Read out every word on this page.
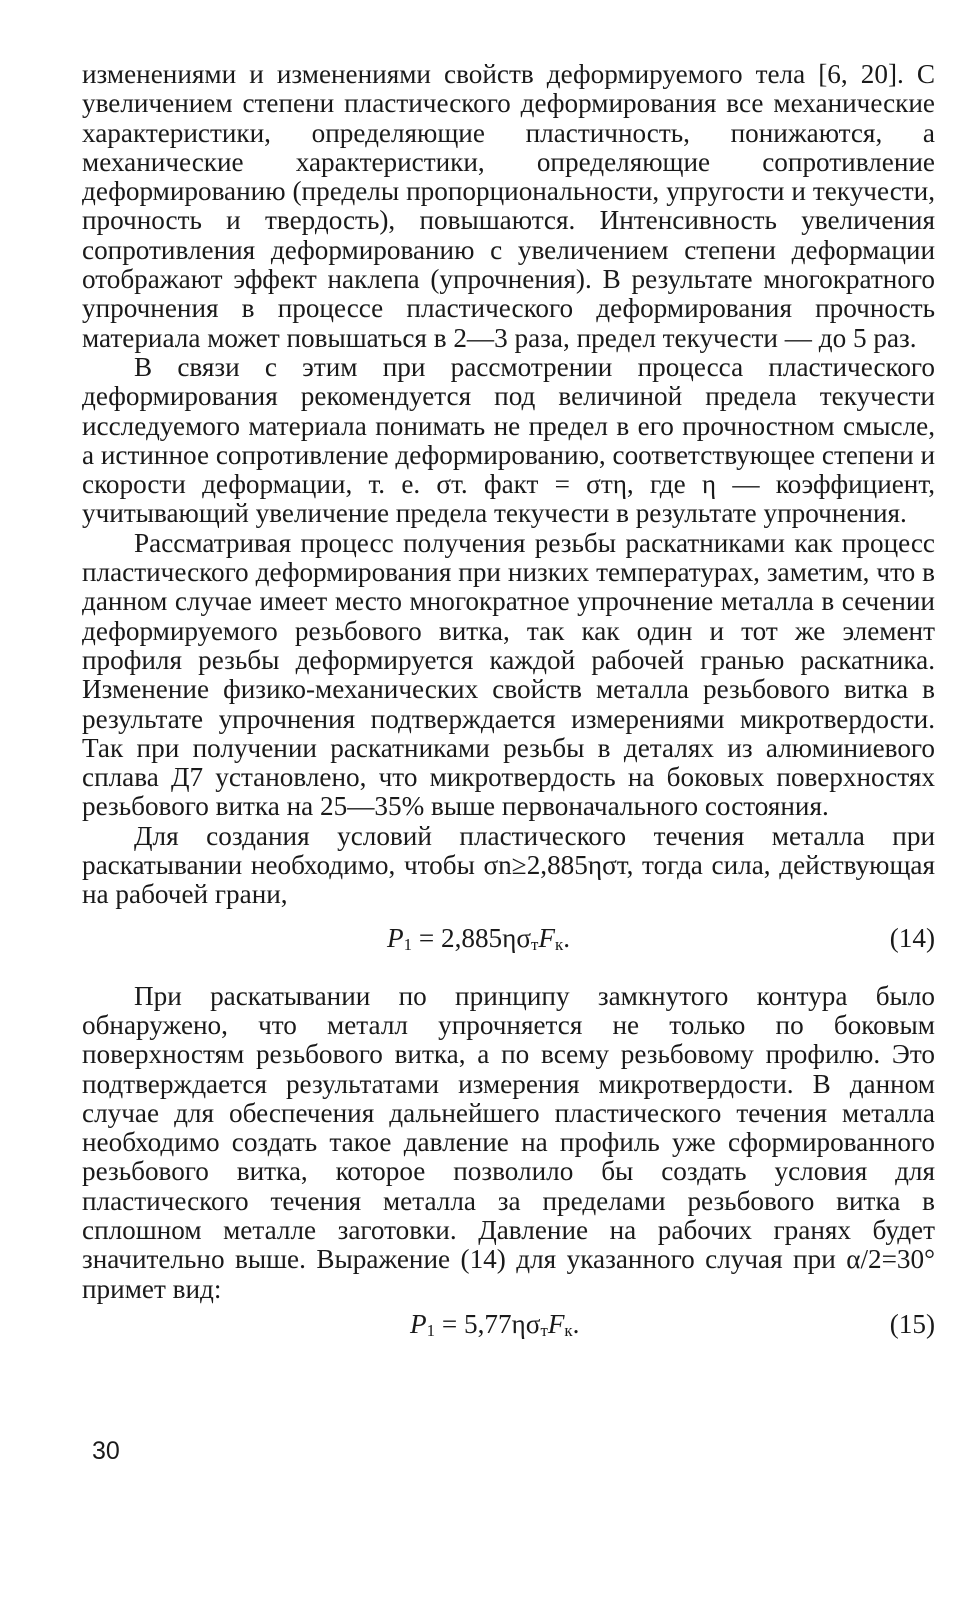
изменениями и изменениями свойств деформируемого тела [6, 20]. С увеличением степени пластического деформирования все механические характеристики, определяющие пластичность, понижаются, а механические характеристики, определяющие сопротивление деформированию (пределы пропорциональности, упругости и текучести, прочность и твердость), повышаются. Интенсивность увеличения сопротивления деформированию с увеличением степени деформации отображают эффект наклепа (упрочнения). В результате многократного упрочнения в процессе пластического деформирования прочность материала может повышаться в 2—3 раза, предел текучести — до 5 раз.

В связи с этим при рассмотрении процесса пластического деформирования рекомендуется под величиной предела текучести исследуемого материала понимать не предел в его прочностном смысле, а истинное сопротивление деформированию, соответствующее степени и скорости деформации, т. е. σт. факт = σтη, где η — коэффициент, учитывающий увеличение предела текучести в результате упрочнения.

Рассматривая процесс получения резьбы раскатниками как процесс пластического деформирования при низких температурах, заметим, что в данном случае имеет место многократное упрочнение металла в сечении деформируемого резьбового витка, так как один и тот же элемент профиля резьбы деформируется каждой рабочей гранью раскатника. Изменение физико-механических свойств металла резьбового витка в результате упрочнения подтверждается измерениями микротвердости. Так при получении раскатниками резьбы в деталях из алюминиевого сплава Д7 установлено, что микротвердость на боковых поверхностях резьбового витка на 25—35% выше первоначального состояния.

Для создания условий пластического течения металла при раскатывании необходимо, чтобы σn≥2,885ησт, тогда сила, действующая на рабочей грани,

$P_1 = 2,885\eta\sigma_тF_к$.	(14)

При раскатывании по принципу замкнутого контура было обнаружено, что металл упрочняется не только по боковым поверхностям резьбового витка, а по всему резьбовому профилю. Это подтверждается результатами измерения микротвердости. В данном случае для обеспечения дальнейшего пластического течения металла необходимо создать такое давление на профиль уже сформированного резьбового витка, которое позволило бы создать условия для пластического течения металла за пределами резьбового витка в сплошном металле заготовки. Давление на рабочих гранях будет значительно выше. Выражение (14) для указанного случая при α/2=30° примет вид:

$P_1 = 5,77\eta\sigma_тF_к$.	(15)
30
